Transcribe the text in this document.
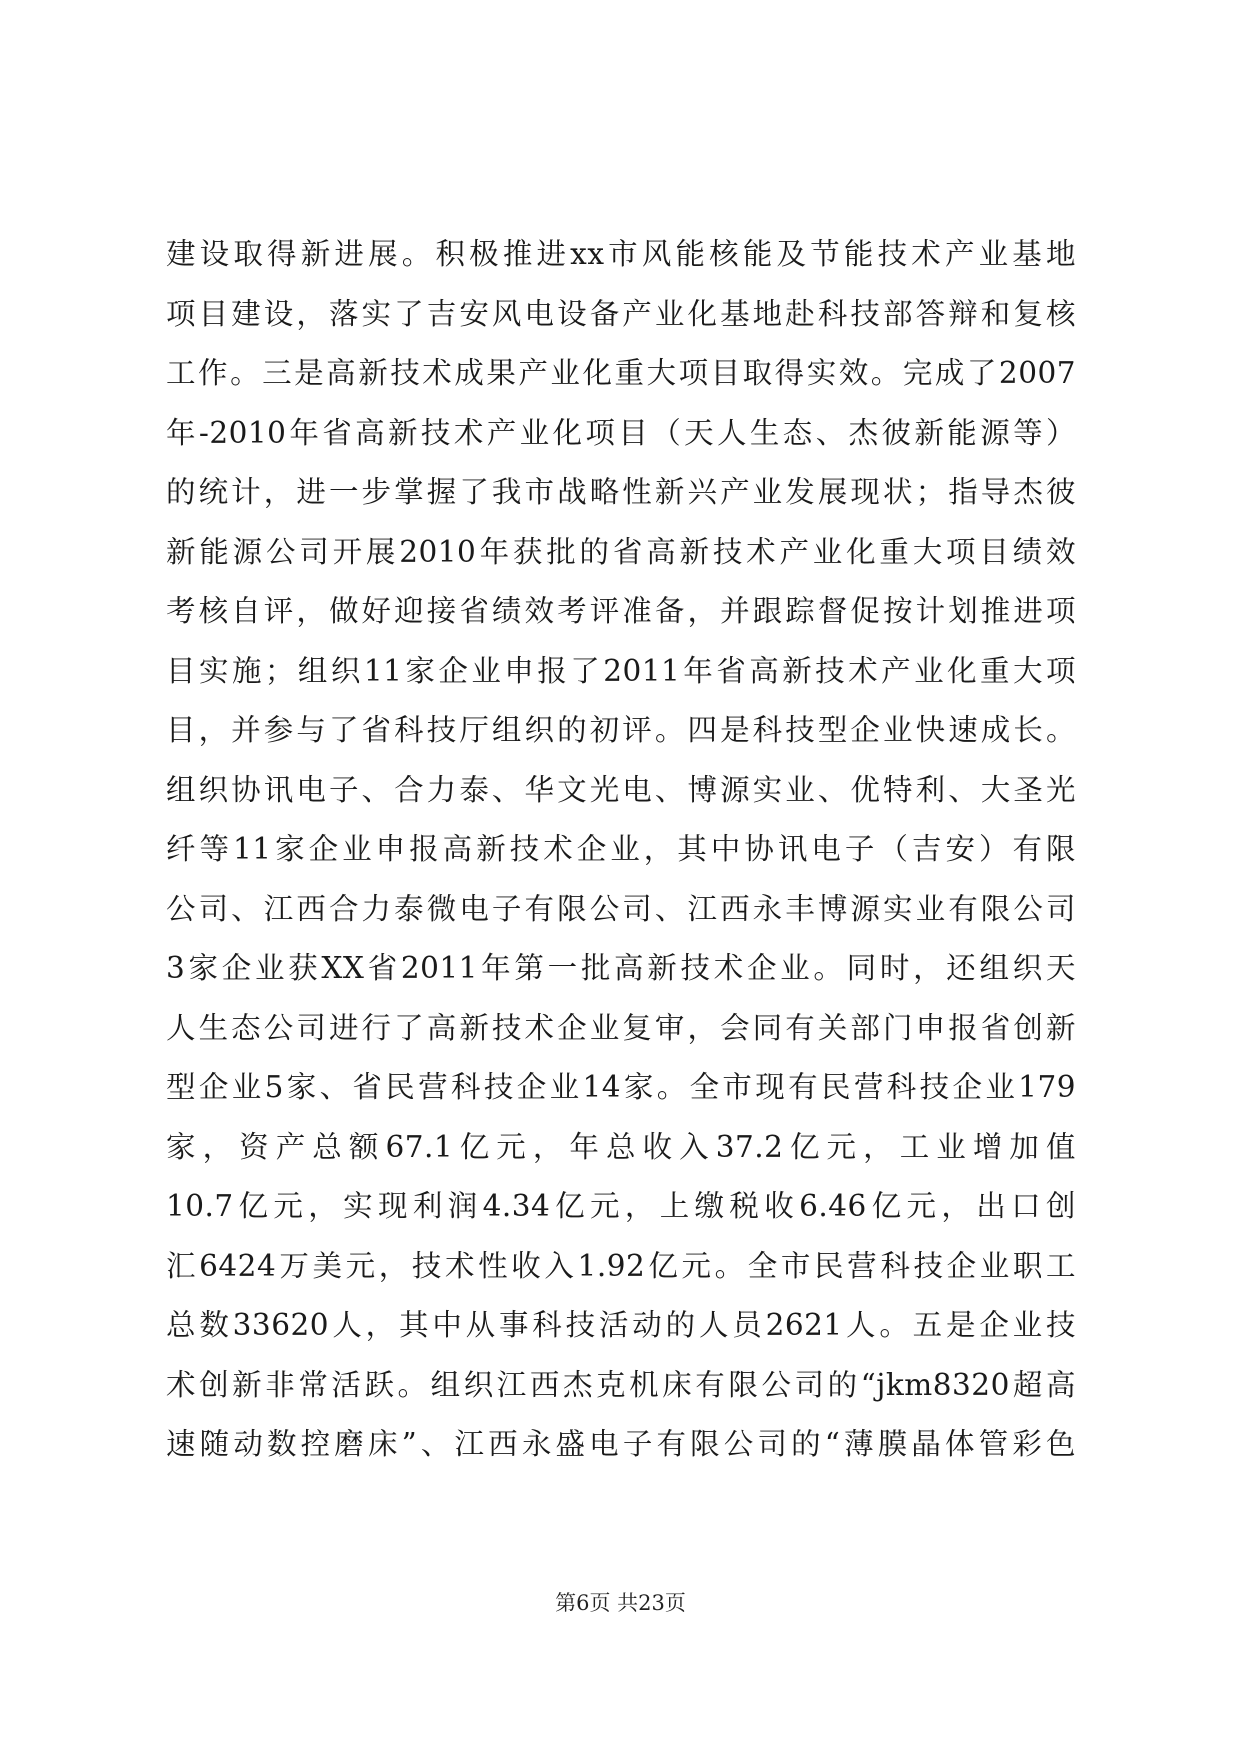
建设取得新进展。积极推进xx市风能核能及节能技术产业基地
项目建设，落实了吉安风电设备产业化基地赴科技部答辩和复核
工作。三是高新技术成果产业化重大项目取得实效。完成了2007
年-2010年省高新技术产业化项目（天人生态、杰彼新能源等）
的统计，进一步掌握了我市战略性新兴产业发展现状；指导杰彼
新能源公司开展2010年获批的省高新技术产业化重大项目绩效
考核自评，做好迎接省绩效考评准备，并跟踪督促按计划推进项
目实施；组织11家企业申报了2011年省高新技术产业化重大项
目，并参与了省科技厅组织的初评。四是科技型企业快速成长。
组织协讯电子、合力泰、华文光电、博源实业、优特利、大圣光
纤等11家企业申报高新技术企业，其中协讯电子（吉安）有限
公司、江西合力泰微电子有限公司、江西永丰博源实业有限公司
3家企业获XX省2011年第一批高新技术企业。同时，还组织天
人生态公司进行了高新技术企业复审，会同有关部门申报省创新
型企业5家、省民营科技企业14家。全市现有民营科技企业179
家，资产总额67.1亿元，年总收入37.2亿元，工业增加值
10.7亿元，实现利润4.34亿元，上缴税收6.46亿元，出口创
汇6424万美元，技术性收入1.92亿元。全市民营科技企业职工
总数33620人，其中从事科技活动的人员2621人。五是企业技
术创新非常活跃。组织江西杰克机床有限公司的“jkm8320超高
速随动数控磨床”、江西永盛电子有限公司的“薄膜晶体管彩色
第6页 共23页
